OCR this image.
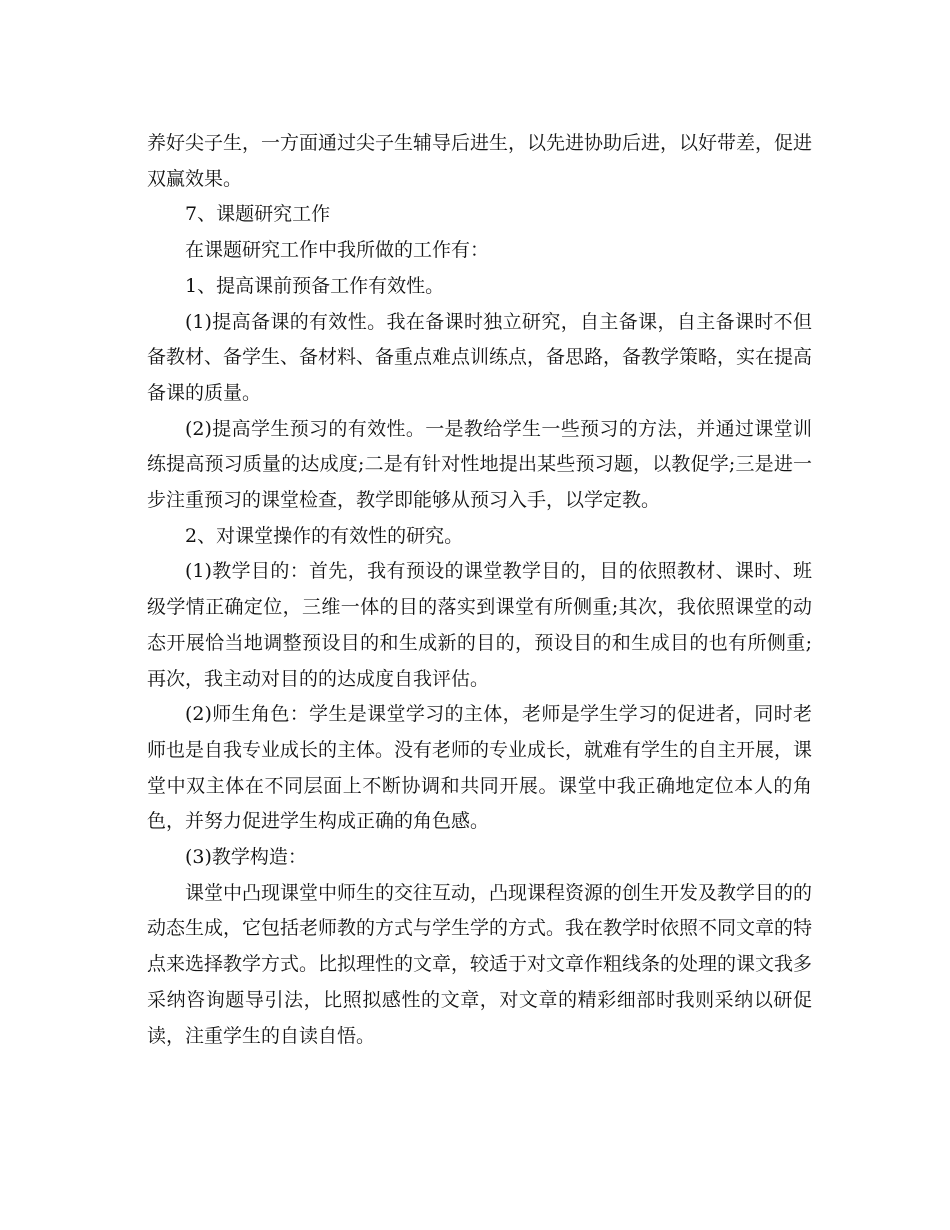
养好尖子生，一方面通过尖子生辅导后进生，以先进协助后进，以好带差，促进双赢效果。

7、课题研究工作

在课题研究工作中我所做的工作有：

1、提高课前预备工作有效性。

(1)提高备课的有效性。我在备课时独立研究，自主备课，自主备课时不但备教材、备学生、备材料、备重点难点训练点，备思路，备教学策略，实在提高备课的质量。

(2)提高学生预习的有效性。一是教给学生一些预习的方法，并通过课堂训练提高预习质量的达成度;二是有针对性地提出某些预习题，以教促学;三是进一步注重预习的课堂检查，教学即能够从预习入手，以学定教。

2、对课堂操作的有效性的研究。

(1)教学目的：首先，我有预设的课堂教学目的，目的依照教材、课时、班级学情正确定位，三维一体的目的落实到课堂有所侧重;其次，我依照课堂的动态开展恰当地调整预设目的和生成新的目的，预设目的和生成目的也有所侧重;再次，我主动对目的的达成度自我评估。

(2)师生角色：学生是课堂学习的主体，老师是学生学习的促进者，同时老师也是自我专业成长的主体。没有老师的专业成长，就难有学生的自主开展，课堂中双主体在不同层面上不断协调和共同开展。课堂中我正确地定位本人的角色，并努力促进学生构成正确的角色感。

(3)教学构造：

课堂中凸现课堂中师生的交往互动，凸现课程资源的创生开发及教学目的的动态生成，它包括老师教的方式与学生学的方式。我在教学时依照不同文章的特点来选择教学方式。比拟理性的文章，较适于对文章作粗线条的处理的课文我多采纳咨询题导引法，比照拟感性的文章，对文章的精彩细部时我则采纳以研促读，注重学生的自读自悟。
